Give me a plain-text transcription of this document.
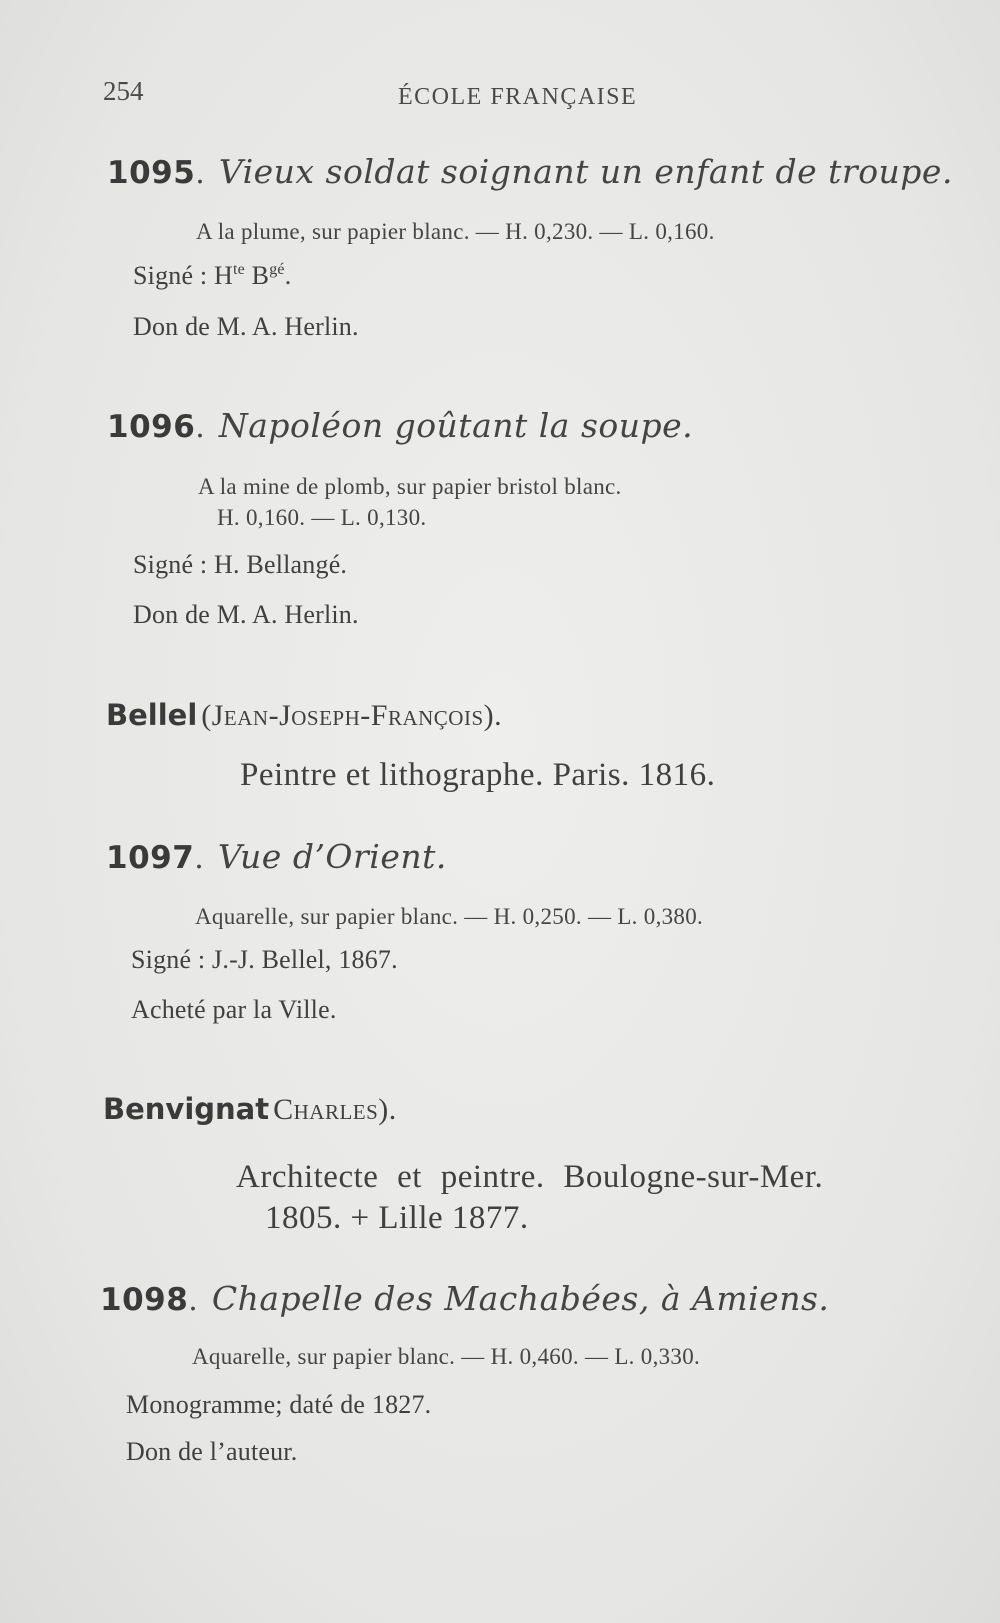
254	ÉCOLE FRANÇAISE
1095. Vieux soldat soignant un enfant de troupe.
A la plume, sur papier blanc. — H. 0,230. — L. 0,160.
Signé : $H^{te}$ $B^{gé}$.
Don de M. A. Herlin.
1096. Napoléon goûtant la soupe.
A la mine de plomb, sur papier bristol blanc.
H. 0,160. — L. 0,130.
Signé : H. Bellangé.
Don de M. A. Herlin.
Bellel (Jean-Joseph-François).
Peintre et lithographe. Paris. 1816.
1097. Vue d’Orient.
Aquarelle, sur papier blanc. — H. 0,250. — L. 0,380.
Signé : J.-J. Bellel, 1867.
Acheté par la Ville.
Benvignat Charles).
Architecte et peintre. Boulogne-sur-Mer.
1805. + Lille 1877.
1098. Chapelle des Machabées, à Amiens.
Aquarelle, sur papier blanc. — H. 0,460. — L. 0,330.
Monogramme; daté de 1827.
Don de l’auteur.
